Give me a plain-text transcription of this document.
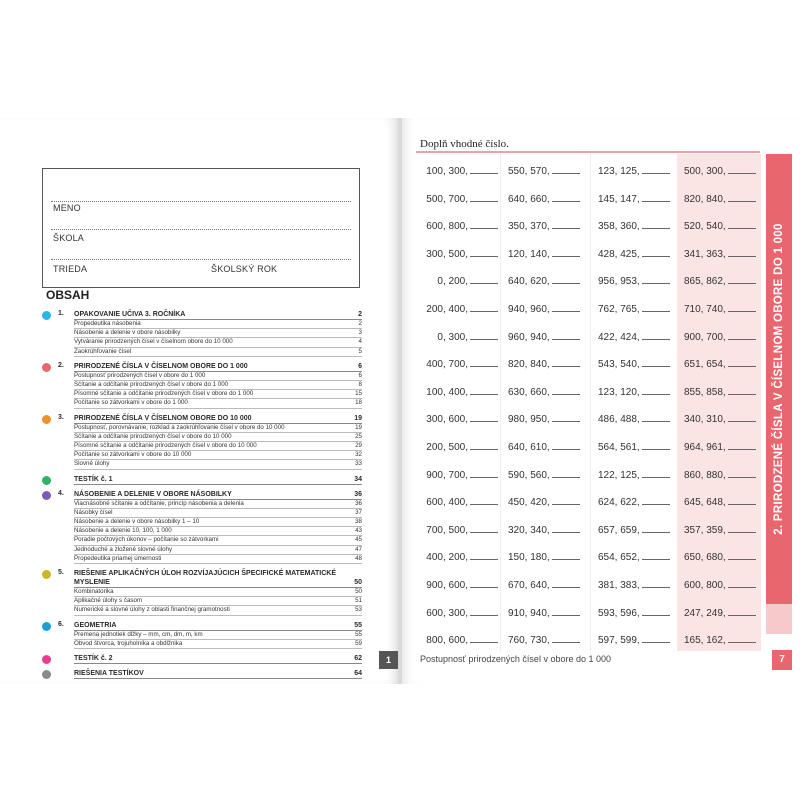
MENO
ŠKOLA
TRIEDA	ŠKOLSKÝ ROK
OBSAH
1. OPAKOVANIE UČIVA 3. ROČNÍKA	2
Propedeutika násobenia	2
Násobenie a delenie v obore násobilky	3
Vytváranie prirodzených čísel v číselnom obore do 10 000	4
Zaokrúhľovanie čísel	5
2. PRIRODZENÉ ČÍSLA V ČÍSELNOM OBORE DO 1 000	6
Postupnosť prirodzených čísel v obore do 1 000	6
Sčítanie a odčítanie prirodzených čísel v obore do 1 000	8
Písomné sčítanie a odčítanie prirodzených čísel v obore do 1 000	15
Počítanie so zátvorkami v obore do 1 000	18
3. PRIRODZENÉ ČÍSLA V ČÍSELNOM OBORE DO 10 000	19
Postupnosť, porovnávanie, rozklad a zaokrúhľovanie čísel v obore do 10 000	19
Sčítanie a odčítanie prirodzených čísel v obore do 10 000	25
Písomné sčítanie a odčítanie prirodzených čísel v obore do 10 000	29
Počítanie so zátvorkami v obore do 10 000	32
Slovné úlohy	33
TESTÍK č. 1	34
4. NÁSOBENIE A DELENIE V OBORE NÁSOBILKY	36
Viacnásobné sčítanie a odčítanie, princíp násobenia a delenia	36
Násobky čísel	37
Násobenie a delenie v obore násobilky 1 – 10	38
Násobenie a delenie 10, 100, 1 000	43
Poradie počtových úkonov – počítanie so zátvorkami	45
Jednoduché a zložené slovné úlohy	47
Propedeutika priamej úmernosti	48
5. RIEŠENIE APLIKAČNÝCH ÚLOH ROZVÍJAJÚCICH ŠPECIFICKÉ MATEMATICKÉ MYSLENIE	50
Kombinatorika	50
Aplikačné úlohy s časom	51
Numerické a slovné úlohy z oblasti finančnej gramotnosti	53
6. GEOMETRIA	55
Premena jednotiek dĺžky – mm, cm, dm, m, km	55
Obvod štvorca, trojuholníka a obdĺžnika	59
TESTÍK č. 2	62
RIEŠENIA TESTÍKOV	64
1
Doplň vhodné číslo.
100, 300,	550, 570,	123, 125,	500, 300,
500, 700,	640, 660,	145, 147,	820, 840,
600, 800,	350, 370,	358, 360,	520, 540,
300, 500,	120, 140,	428, 425,	341, 363,
0, 200,	640, 620,	956, 953,	865, 862,
200, 400,	940, 960,	762, 765,	710, 740,
0, 300,	960, 940,	422, 424,	900, 700,
400, 700,	820, 840,	543, 540,	651, 654,
100, 400,	630, 660,	123, 120,	855, 858,
300, 600,	980, 950,	486, 488,	340, 310,
200, 500,	640, 610,	564, 561,	964, 961,
900, 700,	590, 560,	122, 125,	860, 880,
600, 400,	450, 420,	624, 622,	645, 648,
700, 500,	320, 340,	657, 659,	357, 359,
400, 200,	150, 180,	654, 652,	650, 680,
900, 600,	670, 640,	381, 383,	600, 800,
600, 300,	910, 940,	593, 596,	247, 249,
800, 600,	760, 730,	597, 599,	165, 162,
2. PRIRODZENÉ ČÍSLA V ČÍSELNOM OBORE DO 1 000
Postupnosť prirodzených čísel v obore do 1 000	7
